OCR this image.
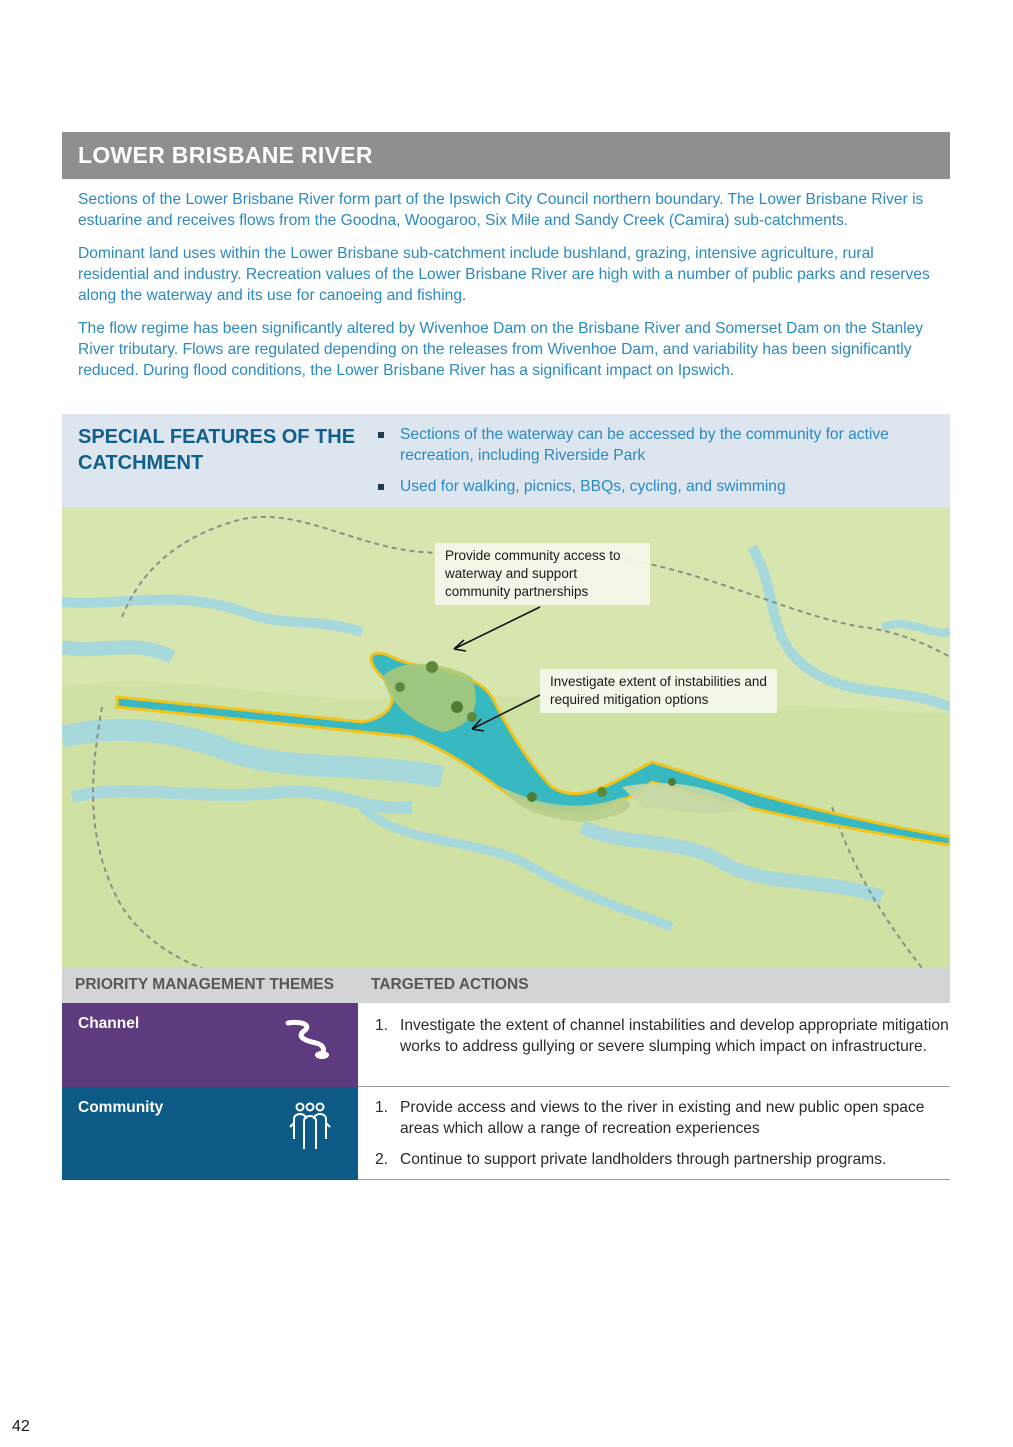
LOWER BRISBANE RIVER

Sections of the Lower Brisbane River form part of the Ipswich City Council northern boundary. The Lower Brisbane River is estuarine and receives flows from the Goodna, Woogaroo, Six Mile and Sandy Creek (Camira) sub-catchments.

Dominant land uses within the Lower Brisbane sub-catchment include bushland, grazing, intensive agriculture, rural residential and industry. Recreation values of the Lower Brisbane River are high with a number of public parks and reserves along the waterway and its use for canoeing and fishing.

The flow regime has been significantly altered by Wivenhoe Dam on the Brisbane River and Somerset Dam on the Stanley River tributary. Flows are regulated depending on the releases from Wivenhoe Dam, and variability has been significantly reduced. During flood conditions, the Lower Brisbane River has a significant impact on Ipswich.

SPECIAL FEATURES OF THE CATCHMENT
Sections of the waterway can be accessed by the community for active recreation, including Riverside Park
Used for walking, picnics, BBQs, cycling, and swimming
Provide community access to waterway and support community partnerships
Investigate extent of instabilities and required mitigation options
PRIORITY MANAGEMENT THEMES TARGETED ACTIONS
Channel	1. Investigate the extent of channel instabilities and develop appropriate mitigation works to address gullying or severe slumping which impact on infrastructure.
Community	1. Provide access and views to the river in existing and new public open space areas which allow a range of recreation experiences
2. Continue to support private landholders through partnership programs.
42
